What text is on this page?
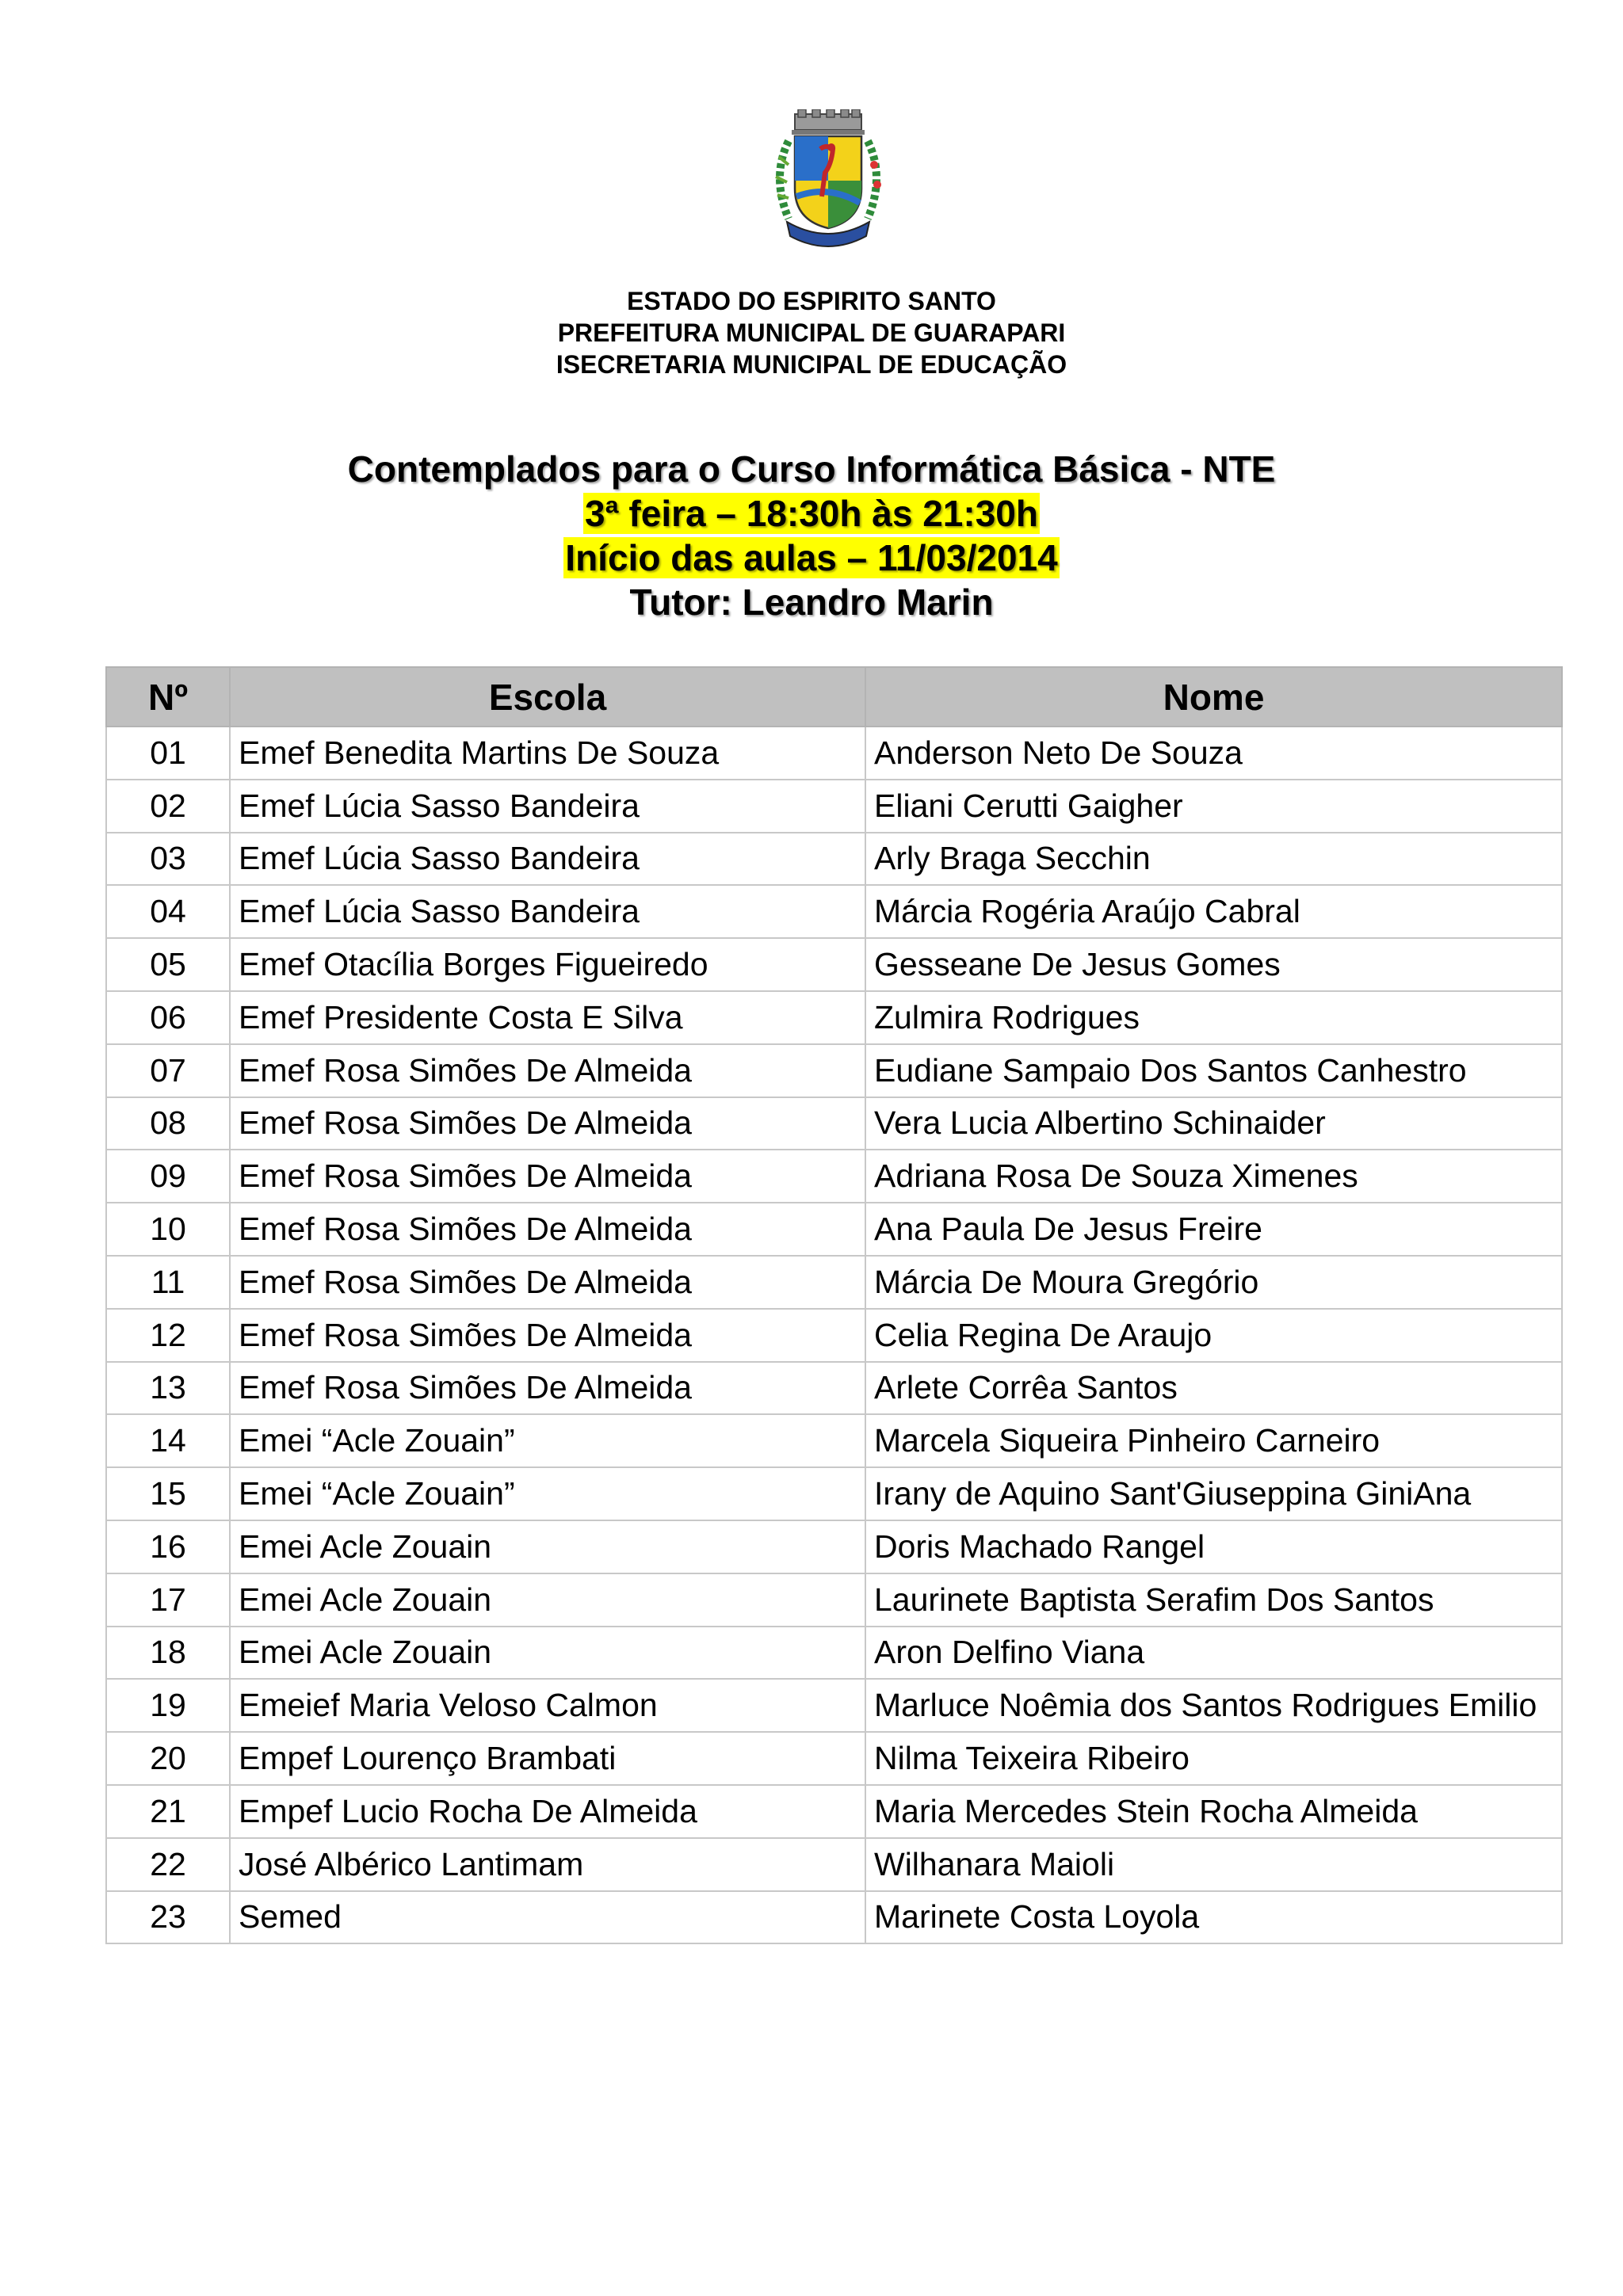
ESTADO DO ESPIRITO SANTO
PREFEITURA MUNICIPAL DE GUARAPARI
ISECRETARIA MUNICIPAL DE EDUCAÇÃO
Contemplados para o Curso Informática Básica - NTE
3ª feira – 18:30h às 21:30h
Início das aulas – 11/03/2014
Tutor: Leandro Marin
Nº	Escola	Nome
01	Emef Benedita Martins De Souza	Anderson Neto De Souza
02	Emef Lúcia Sasso Bandeira	Eliani Cerutti Gaigher
03	Emef Lúcia Sasso Bandeira	Arly Braga Secchin
04	Emef Lúcia Sasso Bandeira	Márcia Rogéria Araújo Cabral
05	Emef Otacília Borges Figueiredo	Gesseane De Jesus Gomes
06	Emef Presidente Costa E Silva	Zulmira Rodrigues
07	Emef Rosa Simões De Almeida	Eudiane Sampaio Dos Santos Canhestro
08	Emef Rosa Simões De Almeida	Vera Lucia Albertino Schinaider
09	Emef Rosa Simões De Almeida	Adriana Rosa De Souza Ximenes
10	Emef Rosa Simões De Almeida	Ana Paula De Jesus Freire
11	Emef Rosa Simões De Almeida	Márcia De Moura Gregório
12	Emef Rosa Simões De Almeida	Celia Regina De Araujo
13	Emef Rosa Simões De Almeida	Arlete Corrêa Santos
14	Emei “Acle Zouain”	Marcela Siqueira Pinheiro Carneiro
15	Emei “Acle Zouain”	Irany de Aquino Sant'Giuseppina GiniAna
16	Emei Acle Zouain	Doris Machado Rangel
17	Emei Acle Zouain	Laurinete Baptista Serafim Dos Santos
18	Emei Acle Zouain	Aron Delfino Viana
19	Emeief Maria Veloso Calmon	Marluce Noêmia dos Santos Rodrigues Emilio
20	Empef Lourenço Brambati	Nilma Teixeira Ribeiro
21	Empef Lucio Rocha De Almeida	Maria Mercedes Stein Rocha Almeida
22	José Albérico Lantimam	Wilhanara Maioli
23	Semed	Marinete Costa Loyola
